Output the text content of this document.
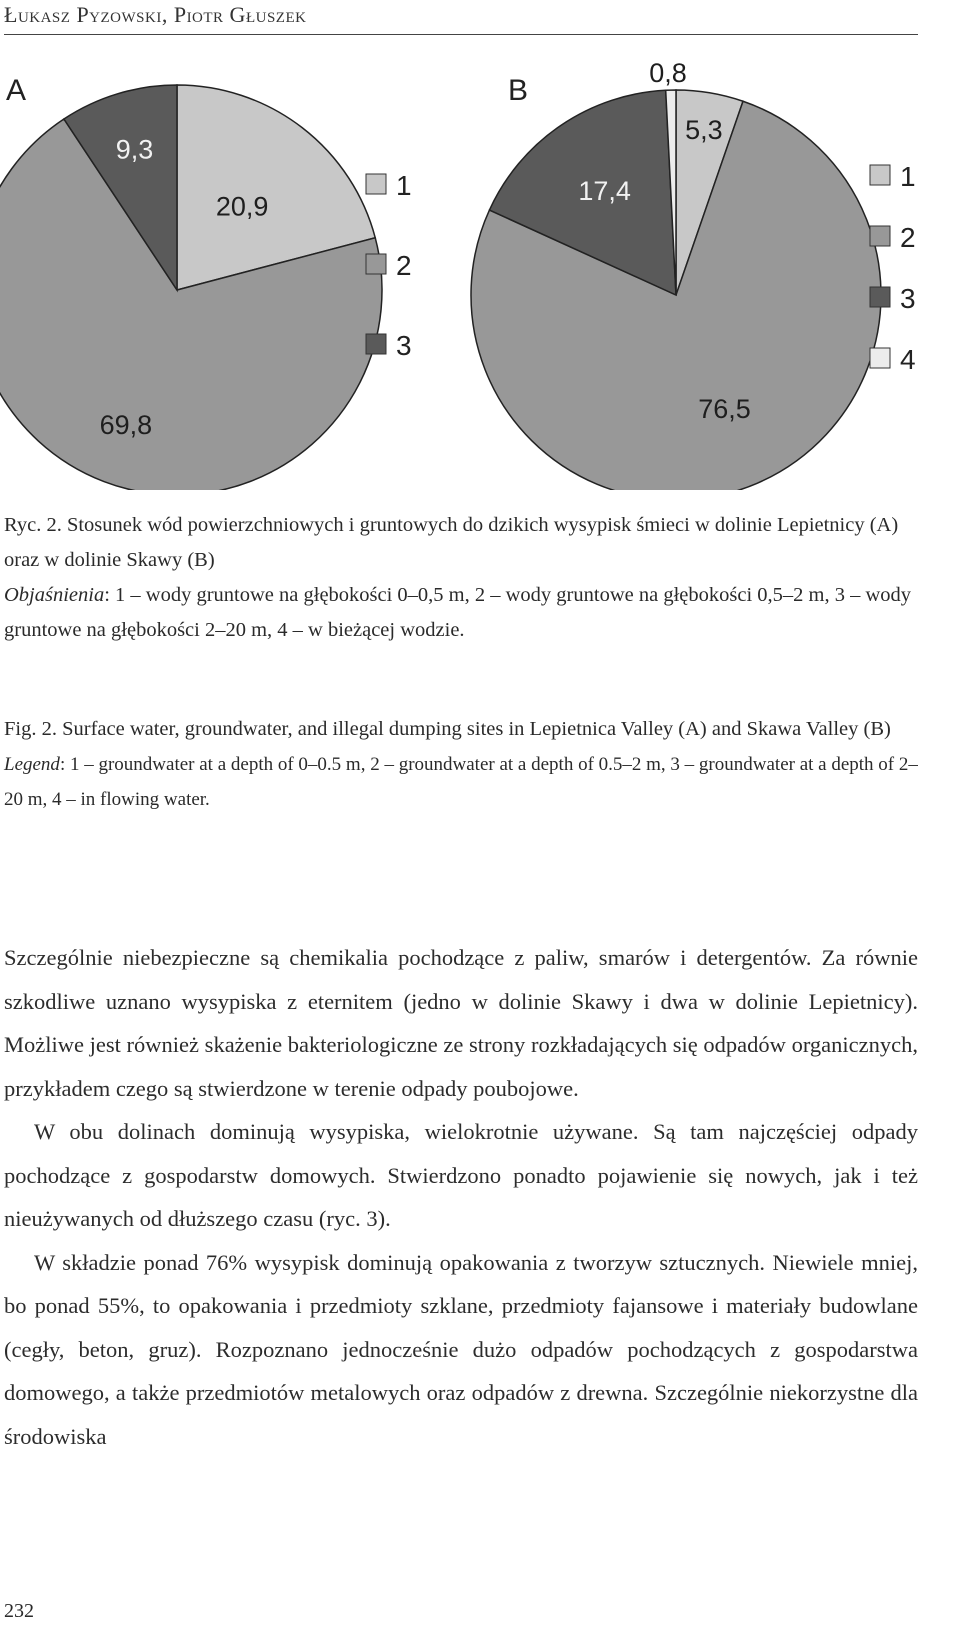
Łukasz Pyzowski, Piotr Głuszek
A	B
20,9
69,8
9,3
5,3
76,5
17,4
0,8
1
2
3
1
2
3
4
Ryc. 2. Stosunek wód powierzchniowych i gruntowych do dzikich wysypisk śmieci w dolinie Lepietnicy (A) oraz w dolinie Skawy (B)
Objaśnienia: 1 – wody gruntowe na głębokości 0–0,5 m, 2 – wody gruntowe na głębokości 0,5–2 m, 3 – wody gruntowe na głębokości 2–20 m, 4 – w bieżącej wodzie.
Fig. 2. Surface water, groundwater, and illegal dumping sites in Lepietnica Valley (A) and Skawa Valley (B)
Legend: 1 – groundwater at a depth of 0–0.5 m, 2 – groundwater at a depth of 0.5–2 m, 3 – groundwater at a depth of 2–20 m, 4 – in flowing water.

Szczególnie niebezpieczne są chemikalia pochodzące z paliw, smarów i detergentów. Za równie szkodliwe uznano wysypiska z eternitem (jedno w dolinie Skawy i dwa w dolinie Lepietnicy). Możliwe jest również skażenie bakteriologiczne ze strony rozkładających się odpadów organicznych, przykładem czego są stwierdzone w terenie odpady poubojowe.

W obu dolinach dominują wysypiska, wielokrotnie używane. Są tam najczęściej odpady pochodzące z gospodarstw domowych. Stwierdzono ponadto pojawienie się nowych, jak i też nieużywanych od dłuższego czasu (ryc. 3).

W składzie ponad 76% wysypisk dominują opakowania z tworzyw sztucznych. Niewiele mniej, bo ponad 55%, to opakowania i przedmioty szklane, przedmioty fajansowe i materiały budowlane (cegły, beton, gruz). Rozpoznano jednocześnie dużo odpadów pochodzących z gospodarstwa domowego, a także przedmiotów metalowych oraz odpadów z drewna. Szczególnie niekorzystne dla środowiska

232
